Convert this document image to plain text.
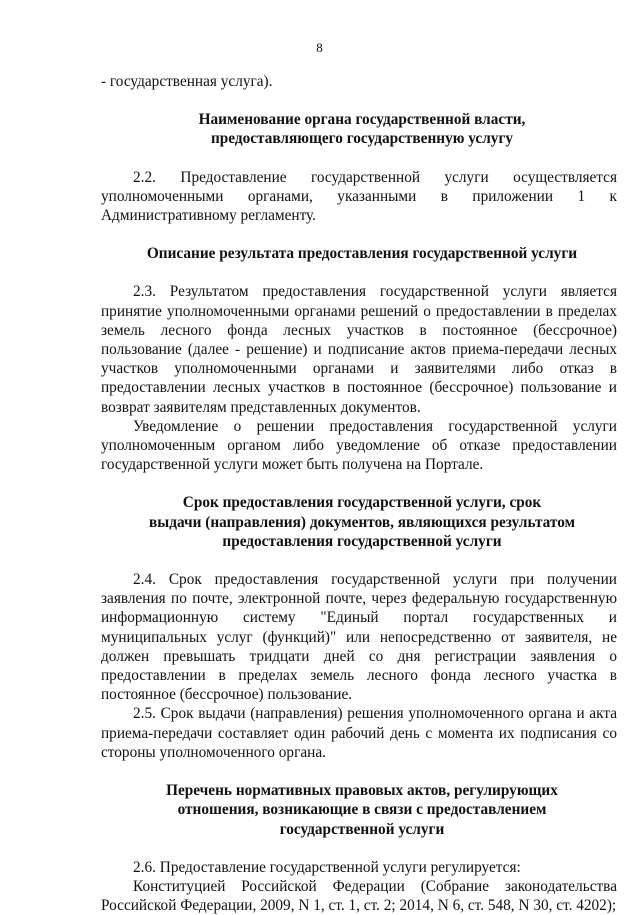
8

- государственная услуга).

Наименование органа государственной власти,
предоставляющего государственную услугу

2.2. Предоставление государственной услуги осуществляется уполномоченными органами, указанными в приложении 1 к Административному регламенту.

Описание результата предоставления государственной услуги

2.3. Результатом предоставления государственной услуги является принятие уполномоченными органами решений о предоставлении в пределах земель лесного фонда лесных участков в постоянное (бессрочное) пользование (далее - решение) и подписание актов приема-передачи лесных участков уполномоченными органами и заявителями либо отказ в предоставлении лесных участков в постоянное (бессрочное) пользование и возврат заявителям представленных документов.

Уведомление о решении предоставления государственной услуги уполномоченным органом либо уведомление об отказе предоставлении государственной услуги может быть получена на Портале.

Срок предоставления государственной услуги, срок
выдачи (направления) документов, являющихся результатом
предоставления государственной услуги

2.4. Срок предоставления государственной услуги при получении заявления по почте, электронной почте, через федеральную государственную информационную систему "Единый портал государственных и муниципальных услуг (функций)" или непосредственно от заявителя, не должен превышать тридцати дней со дня регистрации заявления о предоставлении в пределах земель лесного фонда лесного участка в постоянное (бессрочное) пользование.

2.5. Срок выдачи (направления) решения уполномоченного органа и акта приема-передачи составляет один рабочий день с момента их подписания со стороны уполномоченного органа.

Перечень нормативных правовых актов, регулирующих
отношения, возникающие в связи с предоставлением
государственной услуги

2.6. Предоставление государственной услуги регулируется:

Конституцией Российской Федерации (Собрание законодательства Российской Федерации, 2009, N 1, ст. 1, ст. 2; 2014, N 6, ст. 548, N 30, ст. 4202);
